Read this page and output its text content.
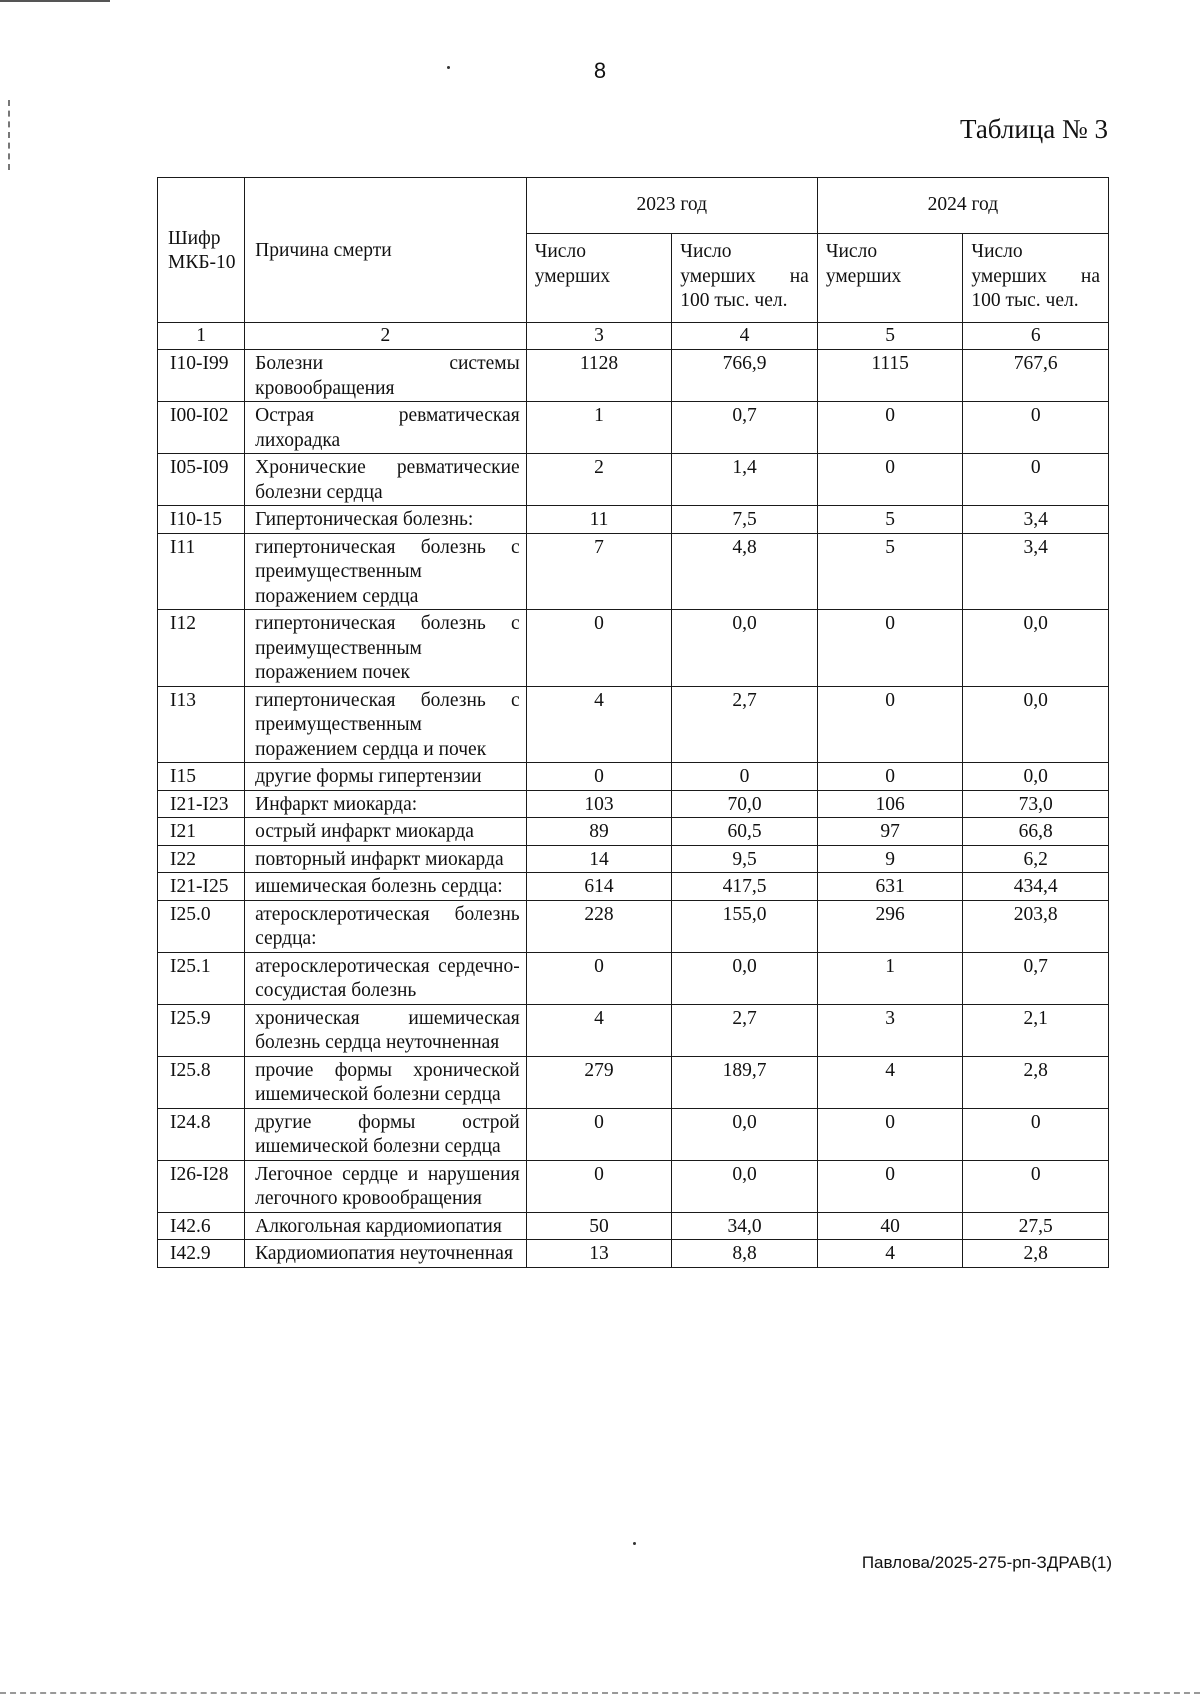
8
Таблица № 3
Шифр МКБ-10	Причина смерти	2023 год		2024 год	
		Число умерших	Число умерших на 100 тыс. чел.	Число умерших	Число умерших на 100 тыс. чел.
1	2	3	4	5	6
I10-I99	Болезни системы кровообращения	1128	766,9	1115	767,6
I00-I02	Острая ревматическая лихорадка	1	0,7	0	0
I05-I09	Хронические ревматические болезни сердца	2	1,4	0	0
I10-15	Гипертоническая болезнь:	11	7,5	5	3,4
I11	гипертоническая болезнь с преимущественным поражением сердца	7	4,8	5	3,4
I12	гипертоническая болезнь с преимущественным поражением почек	0	0,0	0	0,0
I13	гипертоническая болезнь с преимущественным поражением сердца и почек	4	2,7	0	0,0
I15	другие формы гипертензии	0	0	0	0,0
I21-I23	Инфаркт миокарда:	103	70,0	106	73,0
I21	острый инфаркт миокарда	89	60,5	97	66,8
I22	повторный инфаркт миокарда	14	9,5	9	6,2
I21-I25	ишемическая болезнь сердца:	614	417,5	631	434,4
I25.0	атеросклеротическая болезнь сердца:	228	155,0	296	203,8
I25.1	атеросклеротическая сердечно-сосудистая болезнь	0	0,0	1	0,7
I25.9	хроническая ишемическая болезнь сердца неуточненная	4	2,7	3	2,1
I25.8	прочие формы хронической ишемической болезни сердца	279	189,7	4	2,8
I24.8	другие формы острой ишемической болезни сердца	0	0,0	0	0
I26-I28	Легочное сердце и нарушения легочного кровообращения	0	0,0	0	0
I42.6	Алкогольная кардиомиопатия	50	34,0	40	27,5
I42.9	Кардиомиопатия неуточненная	13	8,8	4	2,8
Павлова/2025-275-рп-ЗДРАВ(1)
